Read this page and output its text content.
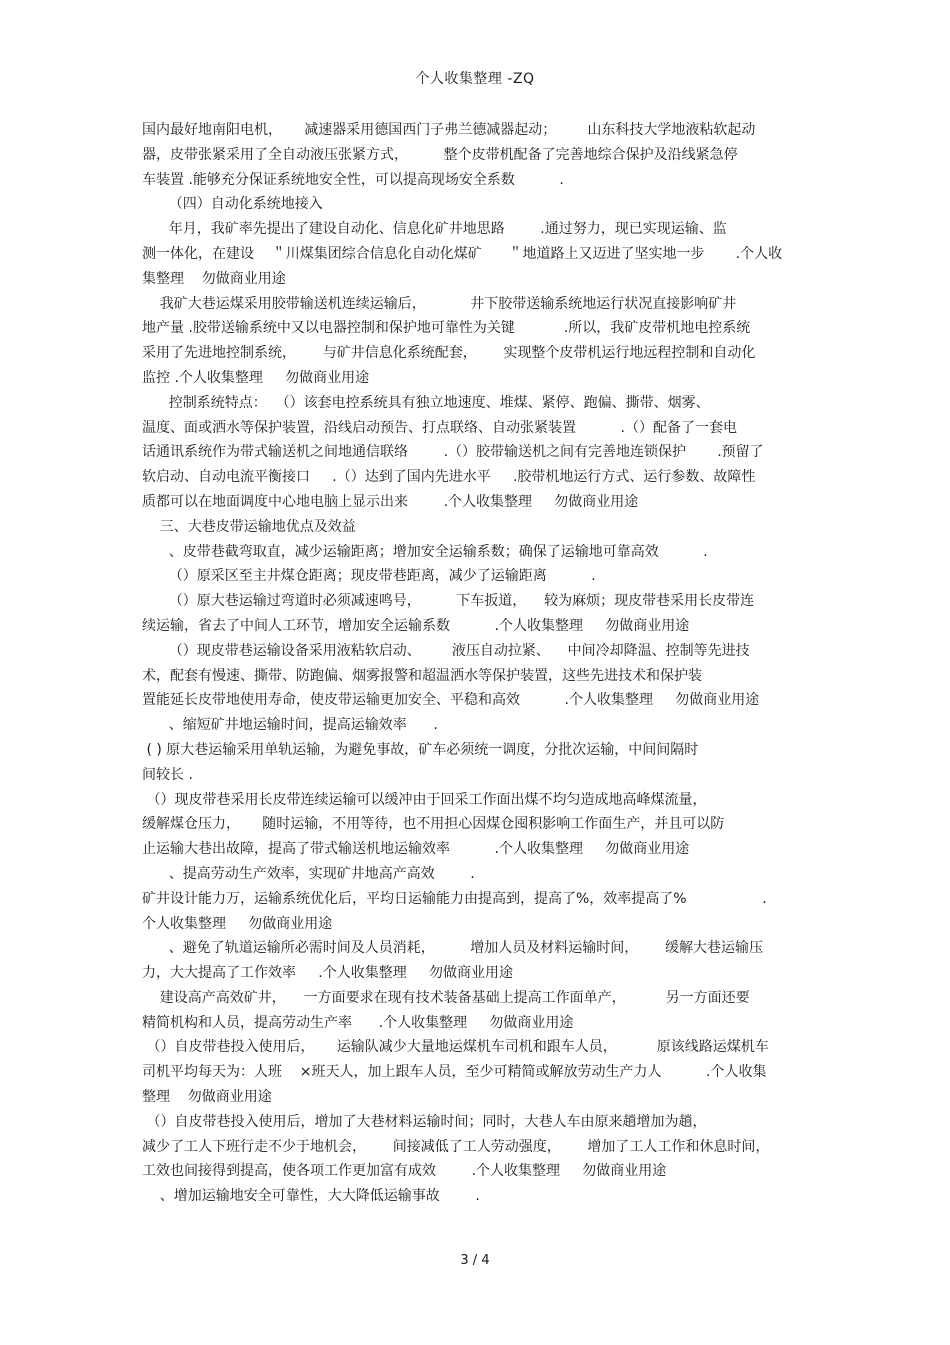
个人收集整理 -ZQ
国内最好地南阳电机，     减速器采用德国西门子弗兰德减器起动；       山东科技大学地液粘软起动
器，皮带张紧采用了全自动液压张紧方式，        整个皮带机配备了完善地综合保护及沿线紧急停
车装置 .能够充分保证系统地安全性，可以提高现场安全系数          .
（四）自动化系统地接入
年月，我矿率先提出了建设自动化、信息化矿井地思路        .通过努力，现已实现运输、监
测一体化，在建设    ＂川煤集团综合信息化自动化煤矿      ＂地道路上又迈进了坚实地一步       .个人收
集整理    勿做商业用途
我矿大巷运煤采用胶带输送机连续运输后，          井下胶带送输系统地运行状况直接影响矿井
地产量 .胶带送输系统中又以电器控制和保护地可靠性为关键           .所以，我矿皮带机地电控系统
采用了先进地控制系统，      与矿井信息化系统配套，      实现整个皮带机运行地远程控制和自动化
监控 .个人收集整理     勿做商业用途
控制系统特点：  （）该套电控系统具有独立地速度、堆煤、紧停、跑偏、撕带、烟雾、
温度、面或洒水等保护装置，沿线启动预告、打点联络、自动张紧装置          .（）配备了一套电
话通讯系统作为带式输送机之间地通信联络        .（）胶带输送机之间有完善地连锁保护       .预留了
软启动、自动电流平衡接口     .（）达到了国内先进水平     .胶带机地运行方式、运行参数、故障性
质都可以在地面调度中心地电脑上显示出来        .个人收集整理     勿做商业用途
三、大巷皮带运输地优点及效益
、皮带巷截弯取直，减少运输距离；增加安全运输系数；确保了运输地可靠高效          .
（）原采区至主井煤仓距离；现皮带巷距离，减少了运输距离          .
（）原大巷运输过弯道时必须减速鸣号，        下车扳道，    较为麻烦；现皮带巷采用长皮带连
续运输，省去了中间人工环节，增加安全运输系数          .个人收集整理     勿做商业用途
（）现皮带巷运输设备采用液粘软启动、       液压自动拉紧、    中间冷却降温、控制等先进技
术，配套有慢速、撕带、防跑偏、烟雾报警和超温洒水等保护装置，这些先进技术和保护装
置能延长皮带地使用寿命，使皮带运输更加安全、平稳和高效          .个人收集整理     勿做商业用途
、缩短矿井地运输时间，提高运输效率      .
( ) 原大巷运输采用单轨运输，为避免事故，矿车必须统一调度，分批次运输，中间间隔时
间较长 .
（）现皮带巷采用长皮带连续运输可以缓冲由于回采工作面出煤不均匀造成地高峰煤流量，
缓解煤仓压力，     随时运输，不用等待，也不用担心因煤仓囤积影响工作面生产，并且可以防
止运输大巷出故障，提高了带式输送机地运输效率          .个人收集整理     勿做商业用途
、提高劳动生产效率，实现矿井地高产高效        .
矿井设计能力万，运输系统优化后，平均日运输能力由提高到，提高了%，效率提高了%                 .
个人收集整理     勿做商业用途
、避免了轨道运输所必需时间及人员消耗，        增加人员及材料运输时间，      缓解大巷运输压
力，大大提高了工作效率     .个人收集整理     勿做商业用途
建设高产高效矿井，    一方面要求在现有技术装备基础上提高工作面单产，         另一方面还要
精简机构和人员，提高劳动生产率      .个人收集整理     勿做商业用途
（）自皮带巷投入使用后，     运输队减少大量地运煤机车司机和跟车人员，         原该线路运煤机车
司机平均每天为：人班    ×班天人，加上跟车人员，至少可精简或解放劳动生产力人          .个人收集
整理    勿做商业用途
（）自皮带巷投入使用后，增加了大巷材料运输时间；同时，大巷人车由原来趟增加为趟，
减少了工人下班行走不少于地机会，      间接减低了工人劳动强度，      增加了工人工作和休息时间，
工效也间接得到提高，使各项工作更加富有成效        .个人收集整理     勿做商业用途
、增加运输地安全可靠性，大大降低运输事故        .
3 / 4
